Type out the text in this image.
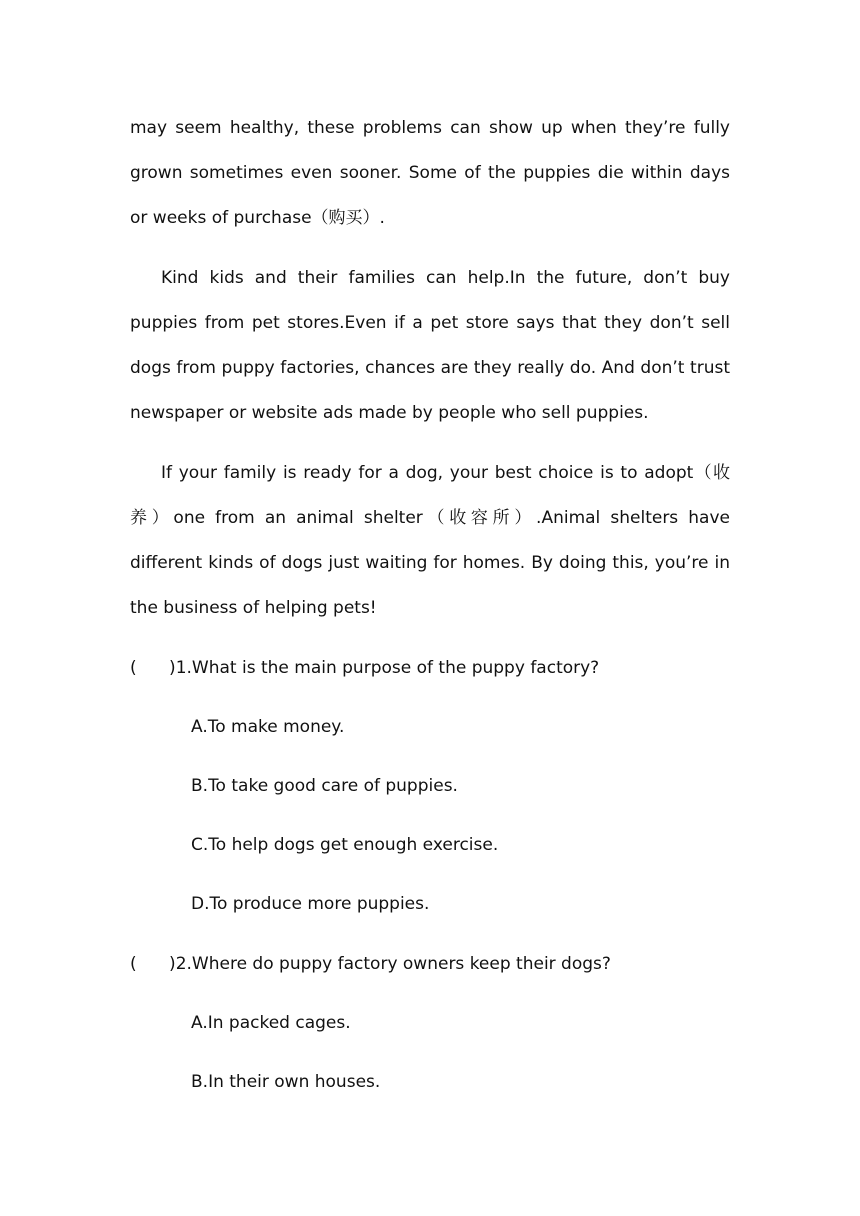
may seem healthy, these problems can show up when they’re fully grown sometimes even sooner. Some of the puppies die within days or weeks of purchase（购买）.

Kind kids and their families can help.In the future, don’t buy puppies from pet stores.Even if a pet store says that they don’t sell dogs from puppy factories, chances are they really do. And don’t trust newspaper or website ads made by people who sell puppies.

If your family is ready for a dog, your best choice is to adopt（收养）one from an animal shelter（收容所）.Animal shelters have different kinds of dogs just waiting for homes. By doing this, you’re in the business of helping pets!

(      )1.What is the main purpose of the puppy factory?

A.To make money.

B.To take good care of puppies.

C.To help dogs get enough exercise.

D.To produce more puppies.

(      )2.Where do puppy factory owners keep their dogs?

A.In packed cages.

B.In their own houses.
